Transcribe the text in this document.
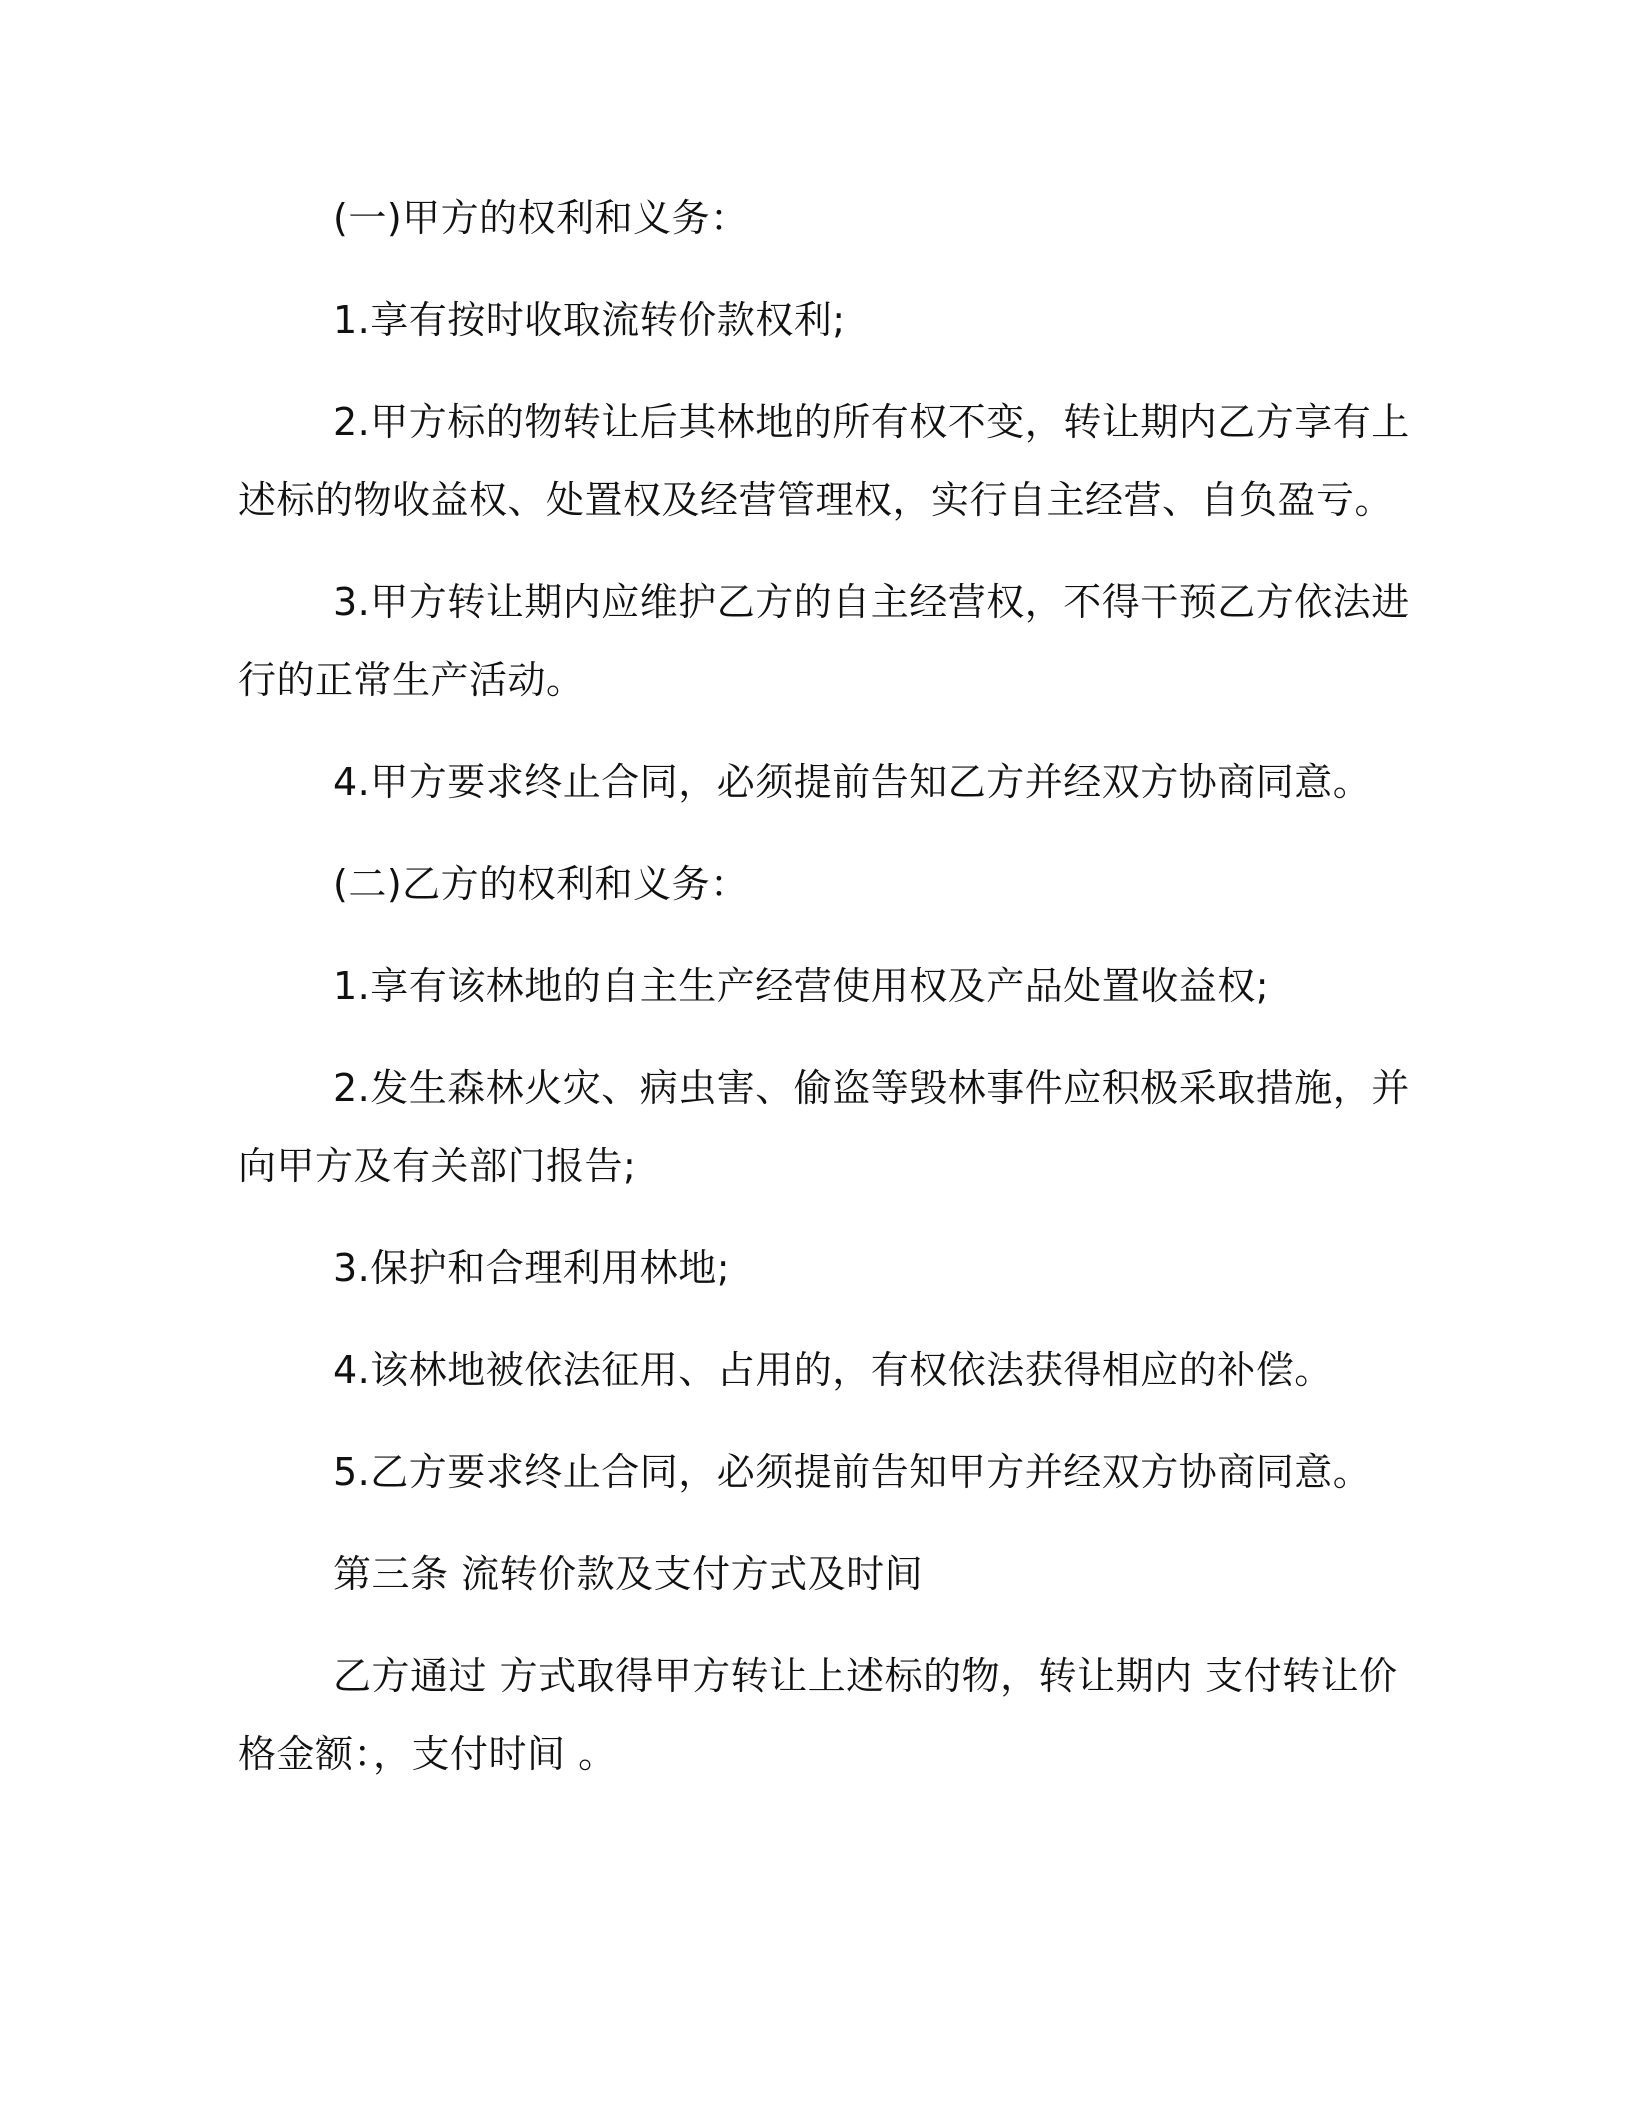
(一)甲方的权利和义务：

1.享有按时收取流转价款权利;

2.甲方标的物转让后其林地的所有权不变，转让期内乙方享有上

述标的物收益权、处置权及经营管理权，实行自主经营、自负盈亏。

3.甲方转让期内应维护乙方的自主经营权，不得干预乙方依法进

行的正常生产活动。

4.甲方要求终止合同，必须提前告知乙方并经双方协商同意。

(二)乙方的权利和义务：

1.享有该林地的自主生产经营使用权及产品处置收益权;

2.发生森林火灾、病虫害、偷盗等毁林事件应积极采取措施，并

向甲方及有关部门报告;

3.保护和合理利用林地;

4.该林地被依法征用、占用的，有权依法获得相应的补偿。

5.乙方要求终止合同，必须提前告知甲方并经双方协商同意。

第三条 流转价款及支付方式及时间

乙方通过 方式取得甲方转让上述标的物，转让期内 支付转让价

格金额：，支付时间 。
